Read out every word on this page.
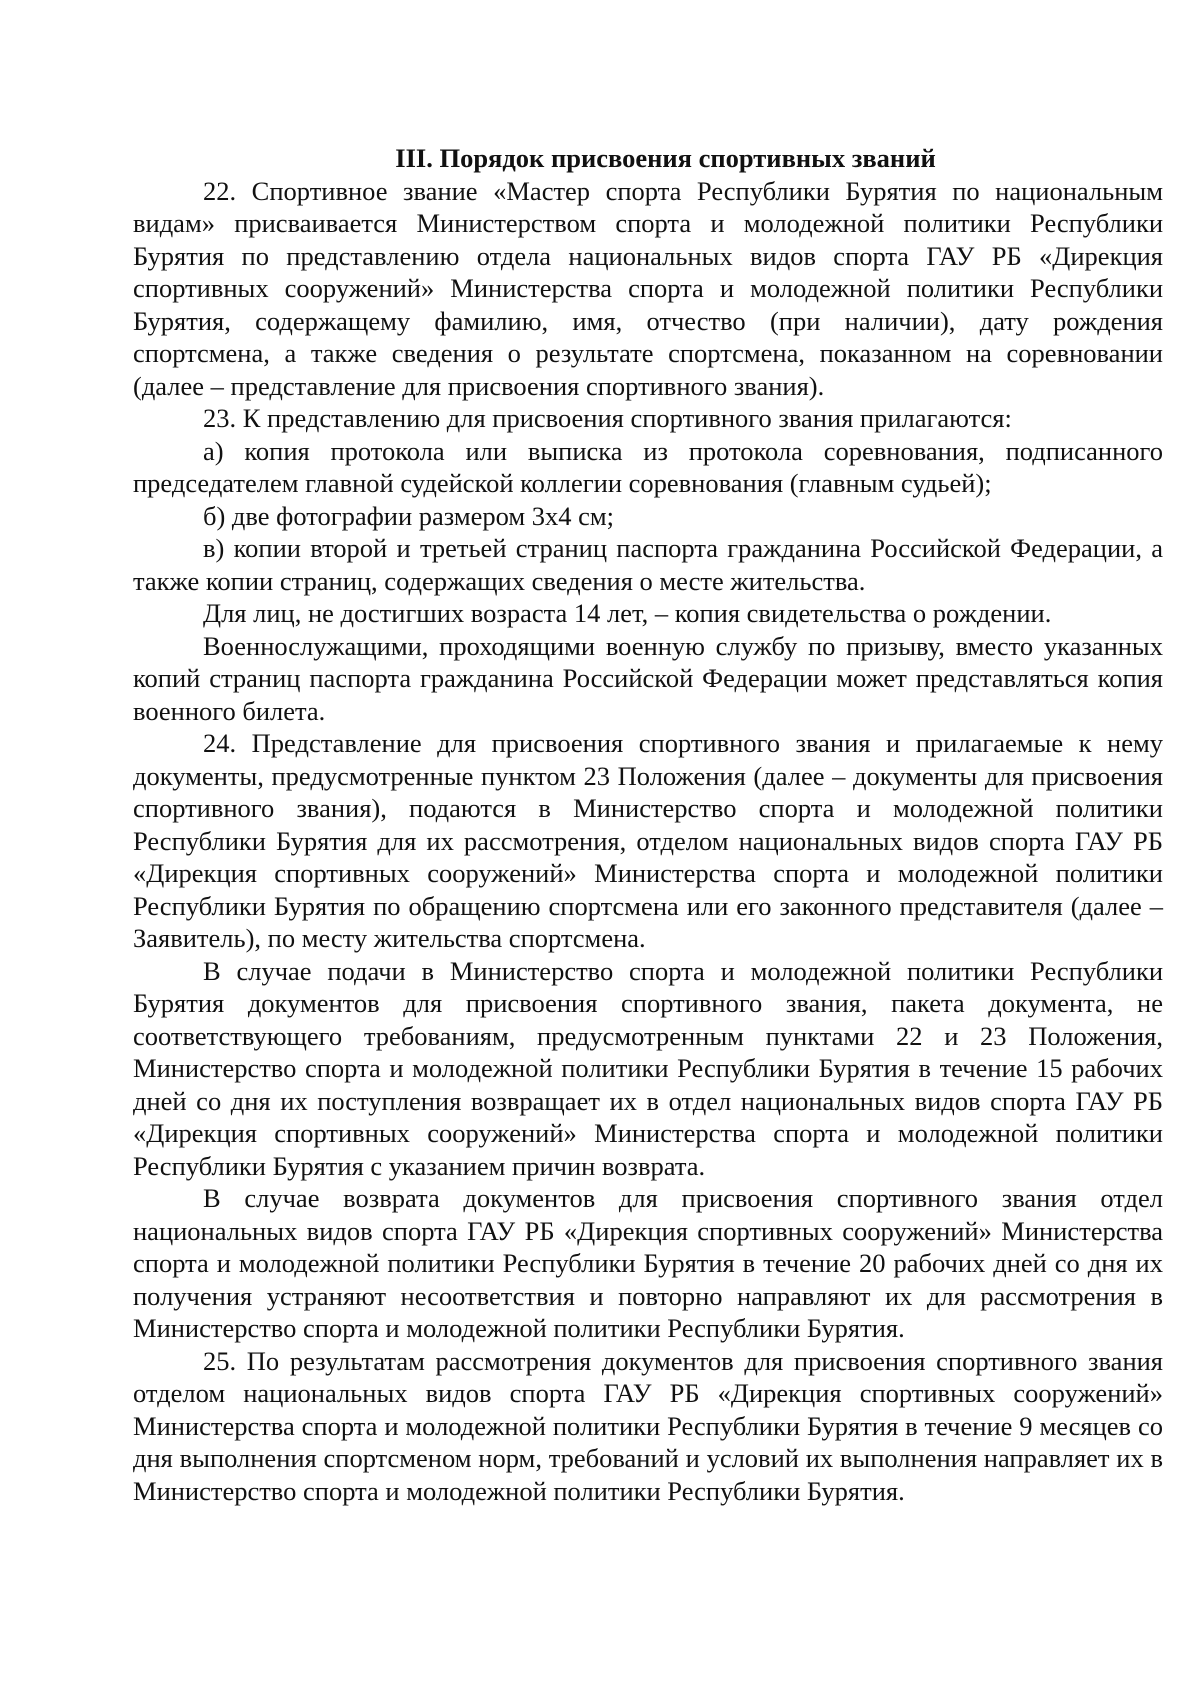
III. Порядок присвоения спортивных званий

22. Спортивное звание «Мастер спорта Республики Бурятия по национальным видам» присваивается Министерством спорта и молодежной политики Республики Бурятия по представлению отдела национальных видов спорта ГАУ РБ «Дирекция спортивных сооружений» Министерства спорта и молодежной политики Республики Бурятия, содержащему фамилию, имя, отчество (при наличии), дату рождения спортсмена, а также сведения о результате спортсмена, показанном на соревновании (далее – представление для присвоения спортивного звания).

23. К представлению для присвоения спортивного звания прилагаются:

а) копия протокола или выписка из протокола соревнования, подписанного председателем главной судейской коллегии соревнования (главным судьей);

б) две фотографии размером 3x4 см;

в) копии второй и третьей страниц паспорта гражданина Российской Федерации, а также копии страниц, содержащих сведения о месте жительства.

Для лиц, не достигших возраста 14 лет, – копия свидетельства о рождении.

Военнослужащими, проходящими военную службу по призыву, вместо указанных копий страниц паспорта гражданина Российской Федерации может представляться копия военного билета.

24. Представление для присвоения спортивного звания и прилагаемые к нему документы, предусмотренные пунктом 23 Положения (далее – документы для присвоения спортивного звания), подаются в Министерство спорта и молодежной политики Республики Бурятия для их рассмотрения, отделом национальных видов спорта ГАУ РБ «Дирекция спортивных сооружений» Министерства спорта и молодежной политики Республики Бурятия по обращению спортсмена или его законного представителя (далее – Заявитель), по месту жительства спортсмена.

В случае подачи в Министерство спорта и молодежной политики Республики Бурятия документов для присвоения спортивного звания, пакета документа, не соответствующего требованиям, предусмотренным пунктами 22 и 23 Положения, Министерство спорта и молодежной политики Республики Бурятия в течение 15 рабочих дней со дня их поступления возвращает их в отдел национальных видов спорта ГАУ РБ «Дирекция спортивных сооружений» Министерства спорта и молодежной политики Республики Бурятия с указанием причин возврата.

В случае возврата документов для присвоения спортивного звания отдел национальных видов спорта ГАУ РБ «Дирекция спортивных сооружений» Министерства спорта и молодежной политики Республики Бурятия в течение 20 рабочих дней со дня их получения устраняют несоответствия и повторно направляют их для рассмотрения в Министерство спорта и молодежной политики Республики Бурятия.

25. По результатам рассмотрения документов для присвоения спортивного звания отделом национальных видов спорта ГАУ РБ «Дирекция спортивных сооружений» Министерства спорта и молодежной политики Республики Бурятия в течение 9 месяцев со дня выполнения спортсменом норм, требований и условий их выполнения направляет их в Министерство спорта и молодежной политики Республики Бурятия.
